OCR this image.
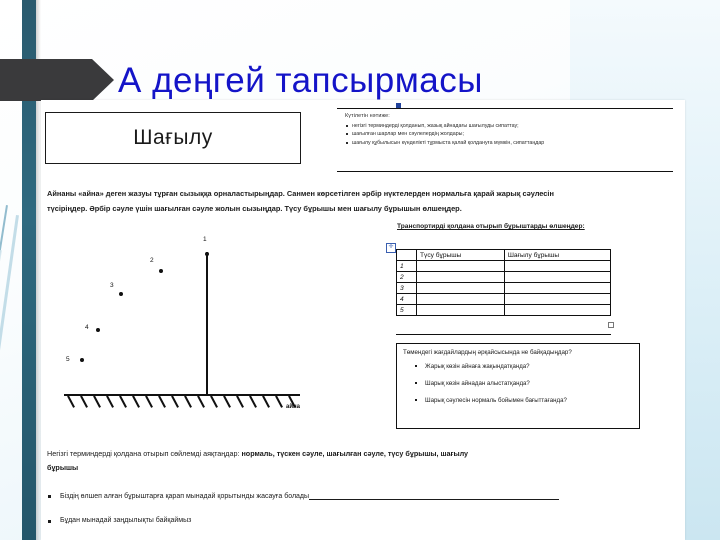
А деңгей тапсырмасы
Шағылу
Күтілетін нәтиже:
негізгі терминдерді қолданып, жазық айнадағы шағылуды сипаттау;
шағылған шарлар мен сәулелердің жолдары;
шағылу құбылысын күнделікті тұрмыста қалай қолдануға мүмкін, сипаттаңдар
Айнаны «айна» деген жазуы тұрған сызыққа орналастырыңдар. Санмен көрсетілген әрбір нүктелерден нормальға қарай жарық сәулесін түсіріңдер. Әрбір сәуле үшін шағылған сәуле жолын сызыңдар. Түсу бұрышы мен шағылу бұрышын өлшеңдер.
1
2
3
4
5
айна
Транспортирді қолдана отырып бұрыштарды өлшеңдер:
✛
	Түсу бұрышы	Шағылу бұрышы
1		
2		
3		
4		
5		
Төмендегі жағдайлардың әрқайсысында не байқадыңдар?
Жарық көзін айнаға жақындатқанда?
Шарық көзін айнадан алыстатқанда?
Шарық сәулесін нормаль бойымен бағыттағанда?
Негізгі терминдерді қолдана отырып сөйлемді аяқтаңдар: нормаль, түскен сәуле, шағылған сәуле, түсу бұрышы, шағылу
бұрышы
Біздің өлшеп алған бұрыштарға қарап мынадай қорытынды жасауға болады
Бұдан мынадай заңдылықты байқаймыз
